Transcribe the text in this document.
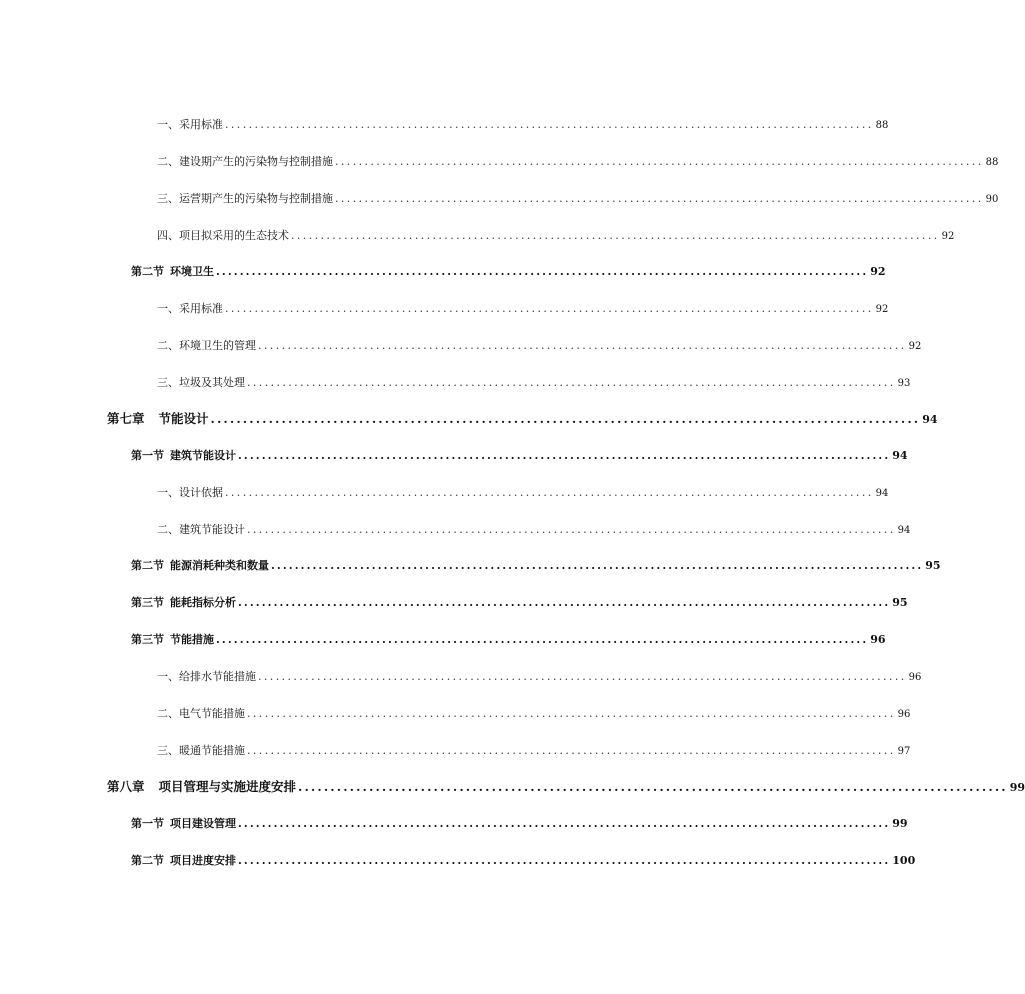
一、采用标准 .............................................................................................................. 88
二、建设期产生的污染物与控制措施 .............................................................................................................. 88
三、运营期产生的污染物与控制措施 .............................................................................................................. 90
四、项目拟采用的生态技术 .............................................................................................................. 92
第二节 环境卫生 .............................................................................................................. 92
一、采用标准 .............................................................................................................. 92
二、环境卫生的管理 .............................................................................................................. 92
三、垃圾及其处理 .............................................................................................................. 93
第七章 节能设计 .............................................................................................................. 94
第一节 建筑节能设计 .............................................................................................................. 94
一、设计依据 .............................................................................................................. 94
二、建筑节能设计 .............................................................................................................. 94
第二节 能源消耗种类和数量 .............................................................................................................. 95
第三节 能耗指标分析 .............................................................................................................. 95
第三节 节能措施 .............................................................................................................. 96
一、给排水节能措施 .............................................................................................................. 96
二、电气节能措施 .............................................................................................................. 96
三、暖通节能措施 .............................................................................................................. 97
第八章 项目管理与实施进度安排 .............................................................................................................. 99
第一节 项目建设管理 .............................................................................................................. 99
第二节 项目进度安排 .............................................................................................................. 100
